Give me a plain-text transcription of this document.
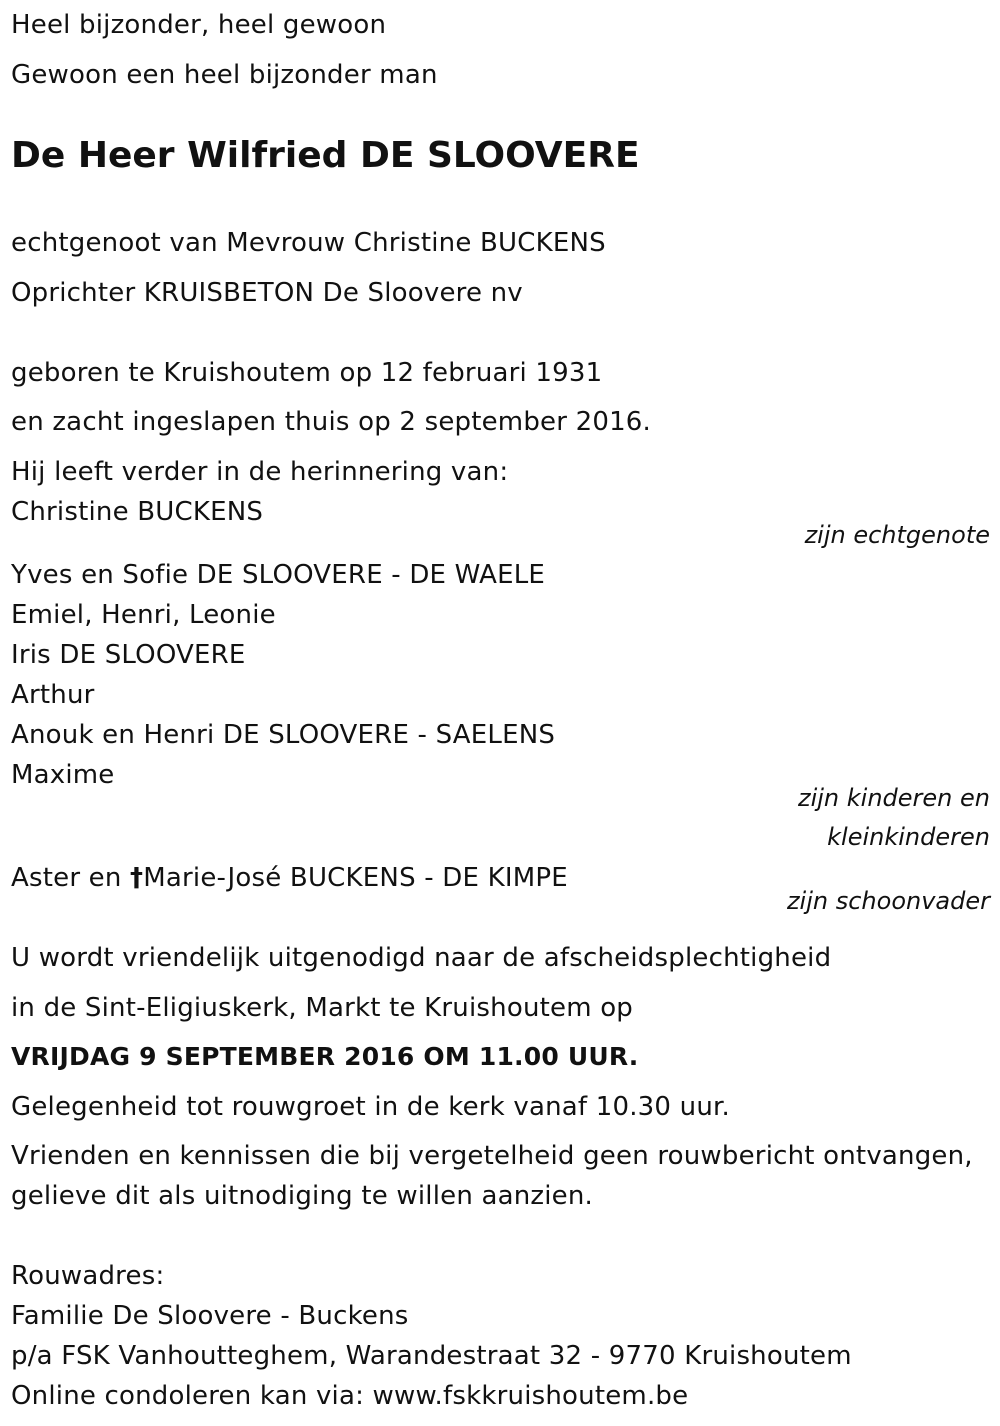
Heel bijzonder, heel gewoon
Gewoon een heel bijzonder man
De Heer Wilfried DE SLOOVERE
echtgenoot van Mevrouw Christine BUCKENS
Oprichter KRUISBETON De Sloovere nv
geboren te Kruishoutem op 12 februari 1931
en zacht ingeslapen thuis op 2 september 2016.
Hij leeft verder in de herinnering van:
Christine BUCKENS
zijn echtgenote
Yves en Sofie DE SLOOVERE - DE WAELE
Emiel, Henri, Leonie
Iris DE SLOOVERE
Arthur
Anouk en Henri DE SLOOVERE - SAELENS
Maxime
zijn kinderen en
kleinkinderen
Aster en †Marie-José BUCKENS - DE KIMPE
zijn schoonvader
U wordt vriendelijk uitgenodigd naar de afscheidsplechtigheid
in de Sint-Eligiuskerk, Markt te Kruishoutem op
VRIJDAG 9 SEPTEMBER 2016 OM 11.00 UUR.
Gelegenheid tot rouwgroet in de kerk vanaf 10.30 uur.
Vrienden en kennissen die bij vergetelheid geen rouwbericht ontvangen,
gelieve dit als uitnodiging te willen aanzien.
Rouwadres:
Familie De Sloovere - Buckens
p/a FSK Vanhoutteghem, Warandestraat 32 - 9770 Kruishoutem
Online condoleren kan via: www.fskkruishoutem.be
